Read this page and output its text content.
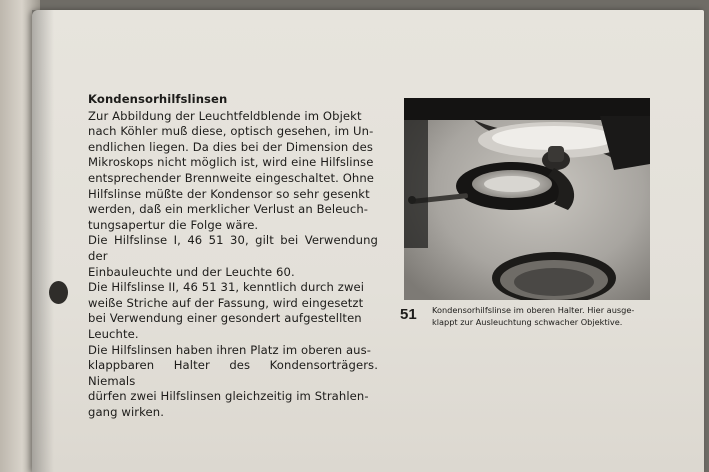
Kondensorhilfslinsen

Zur Abbildung der Leuchtfeldblende im Objekt
nach Köhler muß diese, optisch gesehen, im Un-
endlichen liegen. Da dies bei der Dimension des
Mikroskops nicht möglich ist, wird eine Hilfslinse
entsprechender Brennweite eingeschaltet. Ohne
Hilfslinse müßte der Kondensor so sehr gesenkt
werden, daß ein merklicher Verlust an Beleuch-
tungsapertur die Folge wäre.

Die Hilfslinse I, 46 51 30, gilt bei Verwendung der
Einbauleuchte und der Leuchte 60.

Die Hilfslinse II, 46 51 31, kenntlich durch zwei
weiße Striche auf der Fassung, wird eingesetzt
bei Verwendung einer gesondert aufgestellten
Leuchte.

Die Hilfslinsen haben ihren Platz im oberen aus-
klappbaren Halter des Kondensorträgers. Niemals
dürfen zwei Hilfslinsen gleichzeitig im Strahlen-
gang wirken.

51 Kondensorhilfslinse im oberen Halter. Hier ausge-
klappt zur Ausleuchtung schwacher Objektive.
